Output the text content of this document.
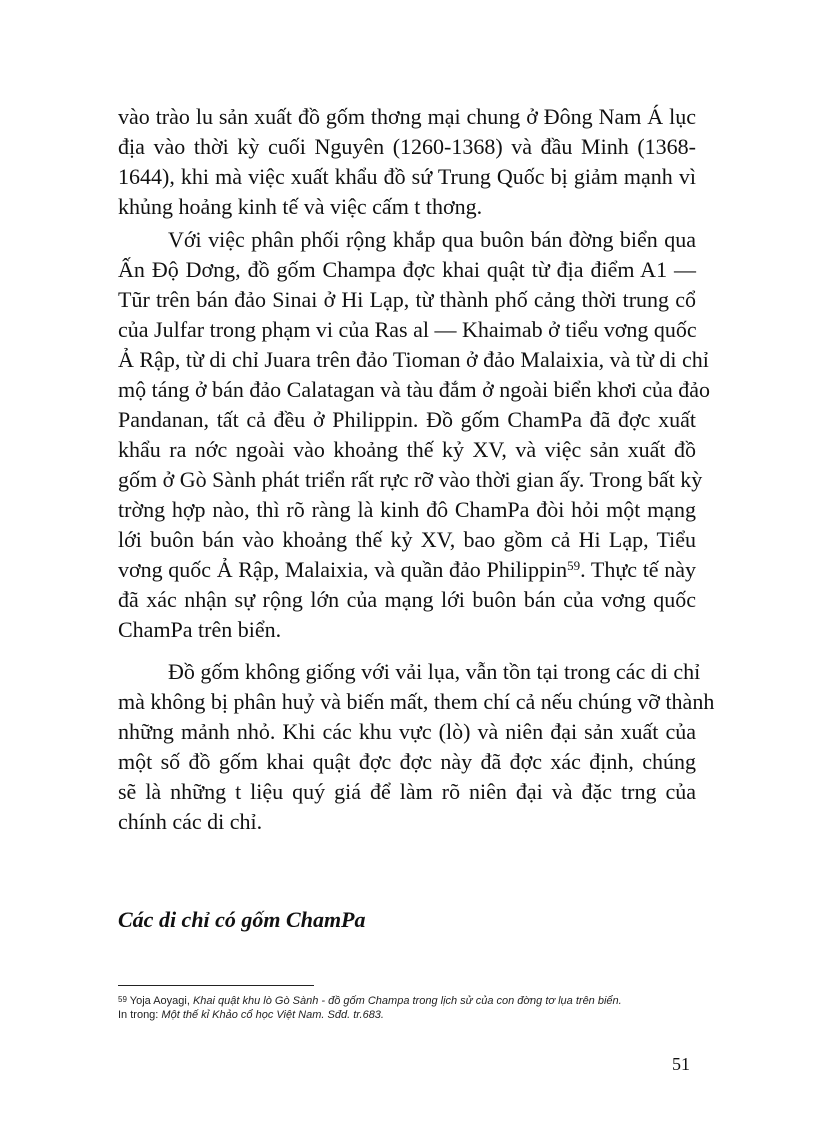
vào trào lu sản xuất đồ gốm thơng mại chung ở Đông Nam Á lục
địa vào thời kỳ cuối Nguyên (1260-1368) và đầu Minh (1368-
1644), khi mà việc xuất khẩu đồ sứ Trung Quốc bị giảm mạnh vì
khủng hoảng kinh tế và việc cấm t thơng.
Với việc phân phối rộng khắp qua buôn bán đờng biển qua
Ấn Độ Dơng, đồ gốm Champa đợc khai quật từ địa điểm A1 —
Tũr trên bán đảo Sinai ở Hi Lạp, từ thành phố cảng thời trung cổ
của Julfar trong phạm vi của Ras al — Khaimab ở tiểu vơng quốc
Ả Rập, từ di chỉ Juara trên đảo Tioman ở đảo Malaixia, và từ di chỉ
mộ táng ở bán đảo Calatagan và tàu đắm ở ngoài biển khơi của đảo
Pandanan, tất cả đều ở Philippin. Đồ gốm ChamPa đã đợc xuất
khẩu ra nớc ngoài vào khoảng thế kỷ XV, và việc sản xuất đồ
gốm ở Gò Sành phát triển rất rực rỡ vào thời gian ấy. Trong bất kỳ
trờng hợp nào, thì rõ ràng là kinh đô ChamPa đòi hỏi một mạng
lới buôn bán vào khoảng thế kỷ XV, bao gồm cả Hi Lạp, Tiểu
vơng quốc Ả Rập, Malaixia, và quần đảo Philippin$^{59}$. Thực tế này
đã xác nhận sự rộng lớn của mạng lới buôn bán của vơng quốc
ChamPa trên biển.
Đồ gốm không giống với vải lụa, vẫn tồn tại trong các di chỉ
mà không bị phân huỷ và biến mất, them chí cả nếu chúng vỡ thành
những mảnh nhỏ. Khi các khu vực (lò) và niên đại sản xuất của
một số đồ gốm khai quật đợc đợc này đã đợc xác định, chúng
sẽ là những t liệu quý giá để làm rõ niên đại và đặc trng của
chính các di chỉ.
Các di chỉ có gốm ChamPa
$^{59}$ Yoja Aoyagi, Khai quật khu lò Gò Sành - đồ gốm Champa trong lịch sử của con đờng tơ lụa trên biển.
In trong: Một thế kỉ Khảo cổ học Việt Nam. Sđd. tr.683.
51
